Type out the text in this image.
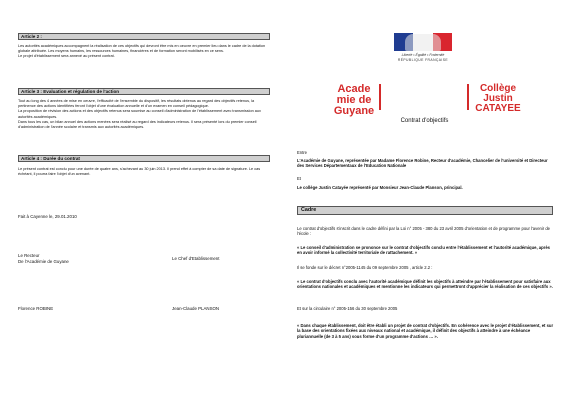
Article 2 :

Les autorités académiques accompagnent la réalisation de ces objectifs qui devront être mis en oeuvre en premier lieu dans le cadre de la dotation globale attribuée. Les moyens humains, les ressources humaines, financières et de formation seront mobilisés en ce sens.

Le projet d'établissement sera annexé au présent contrat.

Article 3 : Evaluation et régulation de l'action

Tout au long des 4 années de mise en oeuvre, l'efficacité de l'ensemble du dispositif, les résultats obtenus au regard des objectifs retenus, la pertinence des actions identifiées feront l'objet d'une évaluation annuelle et d'un examen en conseil pédagogique.

La proposition de révision des actions et des objectifs retenus sera soumise au conseil d'administration de l'établissement avec transmission aux autorités académiques.

Dans tous les cas, un bilan annuel des actions menées sera réalisé au regard des indicateurs retenus. Il sera présenté lors du premier conseil d'administration de l'année scolaire et transmis aux autorités académiques.

Article 4 : Durée du contrat

Le présent contrat est conclu pour une durée de quatre ans, s'achevant au 30 juin 2013. Il prend effet à compter de sa date de signature. Le cas échéant, il pourra faire l'objet d'un avenant.

Fait à Cayenne le, 29.01.2010
Le Recteur
De l'Académie de Guyane
Le Chef d'Etablissement
Florence ROBINE	Jean-Claude PLANSON
Liberté • Égalité • Fraternité
RÉPUBLIQUE FRANÇAISE
Acade
mie de
Guyane
Collège
Justin CATAYEE
Contrat d'objectifs
Entre
L'Académie de Guyane, représentée par Madame Florence Robine, Recteur d'académie, Chancelier de l'université et Directeur des Services Départementaux de l'Education Nationale
Et
Le collège Justin Catayée représenté par Monsieur Jean-Claude Planson, principal.
Cadre
Le contrat d'objectifs s'inscrit dans le cadre défini par la Loi n° 2005 - 380 du 23 avril 2005 d'orientation et de programme pour l'avenir de l'école :
« Le conseil d'administration se prononce sur le contrat d'objectifs conclu entre l'établissement et l'autorité académique, après en avoir informé la collectivité territoriale de rattachement. »
Il se fonde sur le décret n°2005-1145 du 09 septembre 2005 , article 2.2 :
« Le contrat d'objectifs conclu avec l'autorité académique définit les objectifs à atteindre par l'établissement pour satisfaire aux orientations nationales et académiques et mentionne les indicateurs qui permettront d'apprécier la réalisation de ces objectifs ».
Et sur la circulaire n° 2005-156 du 30 septembre 2005
« Dans chaque établissement, doit être établi un projet de contrat d'objectifs. En cohérence avec le projet d'établissement, et sur la base des orientations fixées aux niveaux national et académique, il définit des objectifs à atteindre à une échéance pluriannuelle (de 3 à 5 ans) sous forme d'un programme d'actions … ».
